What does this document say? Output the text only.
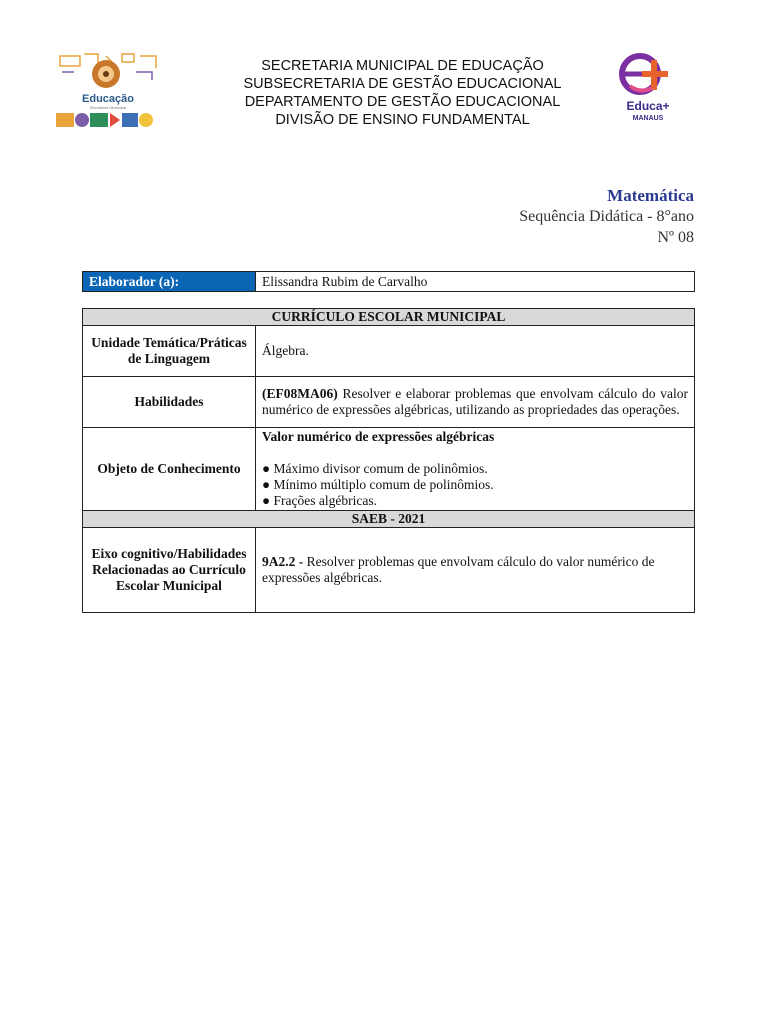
Educação
Secretaria Municipal
SECRETARIA MUNICIPAL DE EDUCAÇÃO
SUBSECRETARIA DE GESTÃO EDUCACIONAL
DEPARTAMENTO DE GESTÃO EDUCACIONAL
DIVISÃO DE ENSINO FUNDAMENTAL
Educa+
MANAUS
Matemática
Sequência Didática - 8°ano
Nº 08
Elaborador (a):	Elissandra Rubim de Carvalho
CURRÍCULO ESCOLAR MUNICIPAL	
Unidade Temática/Práticas de Linguagem	Álgebra.
Habilidades	(EF08MA06) Resolver e elaborar problemas que envolvam cálculo do valor numérico de expressões algébricas, utilizando as propriedades das operações.
Objeto de Conhecimento	Valor numérico de expressões algébricas
● Máximo divisor comum de polinômios.
● Mínimo múltiplo comum de polinômios.
● Frações algébricas.

SAEB - 2021	
Eixo cognitivo/Habilidades Relacionadas ao Currículo Escolar Municipal	9A2.2 - Resolver problemas que envolvam cálculo do valor numérico de expressões algébricas.
